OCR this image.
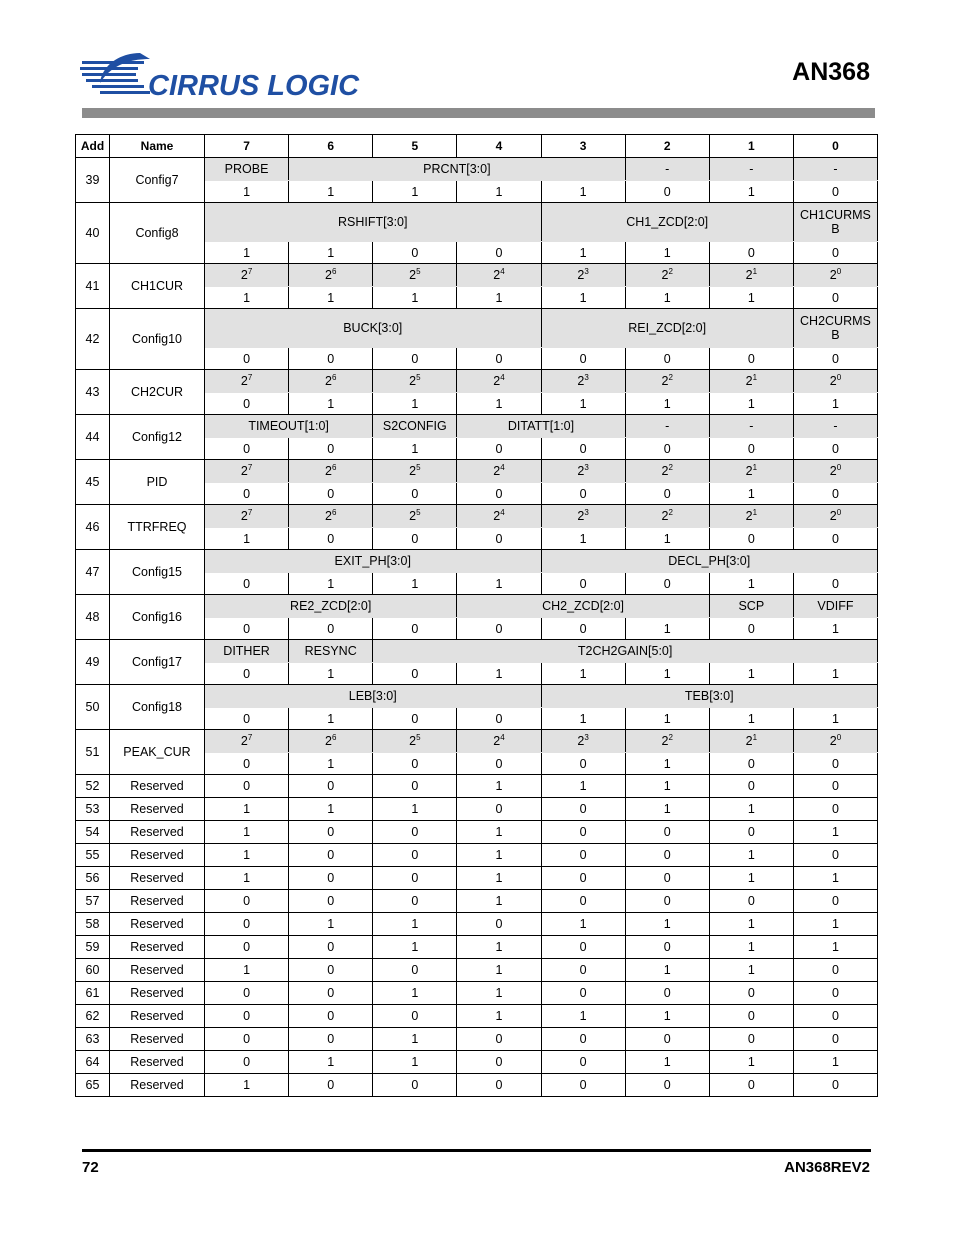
CIRRUS LOGIC	AN368
Add	Name	7	6	5	4	3	2	1	0
39	Config7	PROBE	PRCNT[3:0]				-	-	-
		1	1	1	1	1	0	1	0
40	Config8	RSHIFT[3:0]				CH1_ZCD[2:0]			CH1CURMS B
		1	1	0	0	1	1	0	0
41	CH1CUR	$2^7$	$2^6$	$2^5$	$2^4$	$2^3$	$2^2$	$2^1$	$2^0$
		1	1	1	1	1	1	1	0
42	Config10	BUCK[3:0]				REI_ZCD[2:0]			CH2CURMS B
		0	0	0	0	0	0	0	0
43	CH2CUR	$2^7$	$2^6$	$2^5$	$2^4$	$2^3$	$2^2$	$2^1$	$2^0$
		0	1	1	1	1	1	1	1
44	Config12	TIMEOUT[1:0]		S2CONFIG	DITATT[1:0]		-	-	-
		0	0	1	0	0	0	0	0
45	PID	$2^7$	$2^6$	$2^5$	$2^4$	$2^3$	$2^2$	$2^1$	$2^0$
		0	0	0	0	0	0	1	0
46	TTRFREQ	$2^7$	$2^6$	$2^5$	$2^4$	$2^3$	$2^2$	$2^1$	$2^0$
		1	0	0	0	1	1	0	0
47	Config15	EXIT_PH[3:0]				DECL_PH[3:0]			
		0	1	1	1	0	0	1	0
48	Config16	RE2_ZCD[2:0]			CH2_ZCD[2:0]			SCP	VDIFF
		0	0	0	0	0	1	0	1
49	Config17	DITHER	RESYNC	T2CH2GAIN[5:0]					
		0	1	0	1	1	1	1	1
50	Config18	LEB[3:0]				TEB[3:0]			
		0	1	0	0	1	1	1	1
51	PEAK_CUR	$2^7$	$2^6$	$2^5$	$2^4$	$2^3$	$2^2$	$2^1$	$2^0$
		0	1	0	0	0	1	0	0
52	Reserved	0	0	0	1	1	1	0	0
53	Reserved	1	1	1	0	0	1	1	0
54	Reserved	1	0	0	1	0	0	0	1
55	Reserved	1	0	0	1	0	0	1	0
56	Reserved	1	0	0	1	0	0	1	1
57	Reserved	0	0	0	1	0	0	0	0
58	Reserved	0	1	1	0	1	1	1	1
59	Reserved	0	0	1	1	0	0	1	1
60	Reserved	1	0	0	1	0	1	1	0
61	Reserved	0	0	1	1	0	0	0	0
62	Reserved	0	0	0	1	1	1	0	0
63	Reserved	0	0	1	0	0	0	0	0
64	Reserved	0	1	1	0	0	1	1	1
65	Reserved	1	0	0	0	0	0	0	0
72	AN368REV2
